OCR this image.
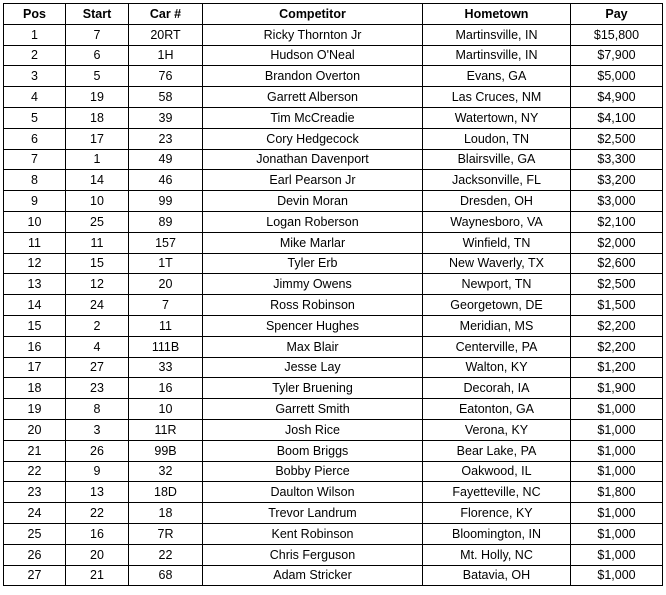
Pos	Start	Car #	Competitor	Hometown	Pay
1	7	20RT	Ricky Thornton Jr	Martinsville, IN	$15,800
2	6	1H	Hudson O'Neal	Martinsville, IN	$7,900
3	5	76	Brandon Overton	Evans, GA	$5,000
4	19	58	Garrett Alberson	Las Cruces, NM	$4,900
5	18	39	Tim McCreadie	Watertown, NY	$4,100
6	17	23	Cory Hedgecock	Loudon, TN	$2,500
7	1	49	Jonathan Davenport	Blairsville, GA	$3,300
8	14	46	Earl Pearson Jr	Jacksonville, FL	$3,200
9	10	99	Devin Moran	Dresden, OH	$3,000
10	25	89	Logan Roberson	Waynesboro, VA	$2,100
11	11	157	Mike Marlar	Winfield, TN	$2,000
12	15	1T	Tyler Erb	New Waverly, TX	$2,600
13	12	20	Jimmy Owens	Newport, TN	$2,500
14	24	7	Ross Robinson	Georgetown, DE	$1,500
15	2	11	Spencer Hughes	Meridian, MS	$2,200
16	4	111B	Max Blair	Centerville, PA	$2,200
17	27	33	Jesse Lay	Walton, KY	$1,200
18	23	16	Tyler Bruening	Decorah, IA	$1,900
19	8	10	Garrett Smith	Eatonton, GA	$1,000
20	3	11R	Josh Rice	Verona, KY	$1,000
21	26	99B	Boom Briggs	Bear Lake, PA	$1,000
22	9	32	Bobby Pierce	Oakwood, IL	$1,000
23	13	18D	Daulton Wilson	Fayetteville, NC	$1,800
24	22	18	Trevor Landrum	Florence, KY	$1,000
25	16	7R	Kent Robinson	Bloomington, IN	$1,000
26	20	22	Chris Ferguson	Mt. Holly, NC	$1,000
27	21	68	Adam Stricker	Batavia, OH	$1,000
